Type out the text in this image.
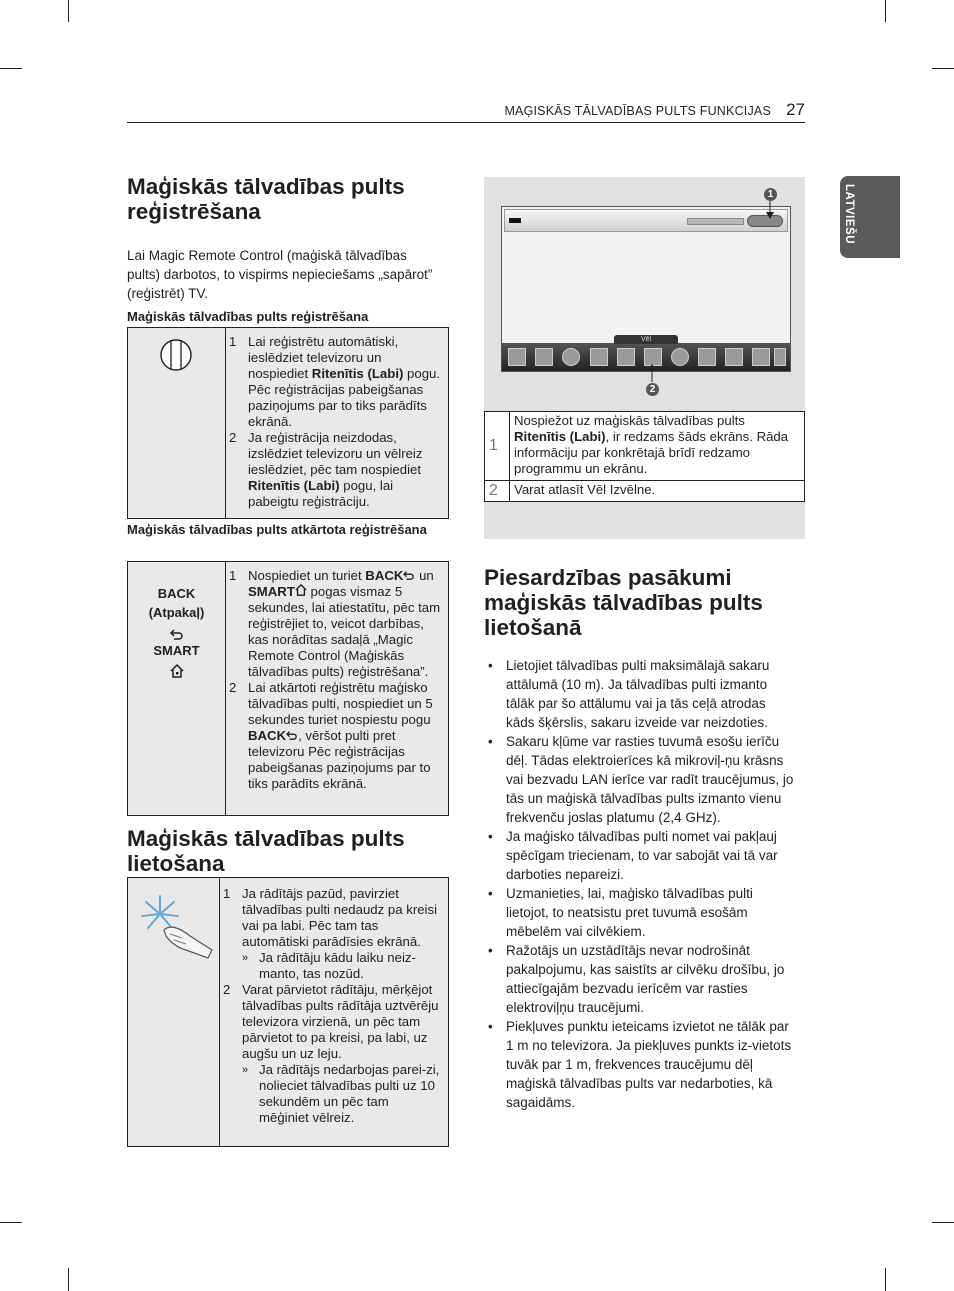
MAĢISKĀS TĀLVADĪBAS PULTS FUNKCIJAS 27
LATVIEŠU
Maģiskās tālvadības pults reģistrēšana

Lai Magic Remote Control (maģiskā tālvadības pults) darbotos, to vispirms nepieciešams „sapārot” (reģistrēt) TV.

Maģiskās tālvadības pults reģistrēšana

1 Lai reģistrētu automātiski, ieslēdziet televizoru un nospiediet Ritenītis (Labi) pogu. Pēc reģistrācijas pabeigšanas paziņojums par to tiks parādīts ekrānā.
2 Ja reģistrācija neizdodas, izslēdziet televizoru un vēlreiz ieslēdziet, pēc tam nospiediet Ritenītis (Labi) pogu, lai pabeigtu reģistrāciju.

Maģiskās tālvadības pults atkārtota reģistrēšana

BACK
(Atpakaļ)
SMART
1 Nospiediet un turiet BACK un SMART pogas vismaz 5 sekundes, lai atiestatītu, pēc tam reģistrējiet to, veicot darbības, kas norādītas sadaļā „Magic Remote Control (Maģiskās tālvadības pults) reģistrēšana”.
2 Lai atkārtoti reģistrētu maģisko tālvadības pulti, nospiediet un 5 sekundes turiet nospiestu pogu BACK , vēršot pulti pret televizoru Pēc reģistrācijas pabeigšanas paziņojums par to tiks parādīts ekrānā.
Maģiskās tālvadības pults lietošana
1 Ja rādītājs pazūd, pavirziet tālvadības pulti nedaudz pa kreisi vai pa labi. Pēc tam tas automātiski parādīsies ekrānā.
» Ja rādītāju kādu laiku neiz-manto, tas nozūd.
2 Varat pārvietot rādītāju, mērķējot tālvadības pults rādītāja uztvērēju televizora virzienā, un pēc tam pārvietot to pa kreisi, pa labi, uz augšu un uz leju.
» Ja rādītājs nedarbojas parei-zi, nolieciet tālvadības pulti uz 10 sekundēm un pēc tam mēģiniet vēlreiz.
Vēl
1
2
1	Nospiežot uz maģiskās tālvadības pults Ritenītis (Labi), ir redzams šāds ekrāns. Rāda informāciju par konkrētajā brīdī redzamo programmu un ekrānu.
2	Varat atlasīt Vēl Izvēlne.
Piesardzības pasākumi maģiskās tālvadības pults lietošanā
• Lietojiet tālvadības pulti maksimālajā sakaru attālumā (10 m). Ja tālvadības pulti izmanto tālāk par šo attālumu vai ja tās ceļā atrodas kāds šķērslis, sakaru izveide var neizdoties.
• Sakaru kļūme var rasties tuvumā esošu ierīču dēļ. Tādas elektroierīces kā mikroviļ-ņu krāsns vai bezvadu LAN ierīce var radīt traucējumus, jo tās un maģiskā tālvadības pults izmanto vienu frekvenču joslas platumu (2,4 GHz).
• Ja maģisko tālvadības pulti nomet vai pakļauj spēcīgam triecienam, to var sabojāt vai tā var darboties nepareizi.
• Uzmanieties, lai, maģisko tālvadības pulti lietojot, to neatsistu pret tuvumā esošām mēbelēm vai cilvēkiem.
• Ražotājs un uzstādītājs nevar nodrošināt pakalpojumu, kas saistīts ar cilvēku drošību, jo attiecīgajām bezvadu ierīcēm var rasties elektroviļņu traucējumi.
• Piekļuves punktu ieteicams izvietot ne tālāk par 1 m no televizora. Ja piekļuves punkts iz-vietots tuvāk par 1 m, frekvences traucējumu dēļ maģiskā tālvadības pults var nedarboties, kā sagaidāms.
